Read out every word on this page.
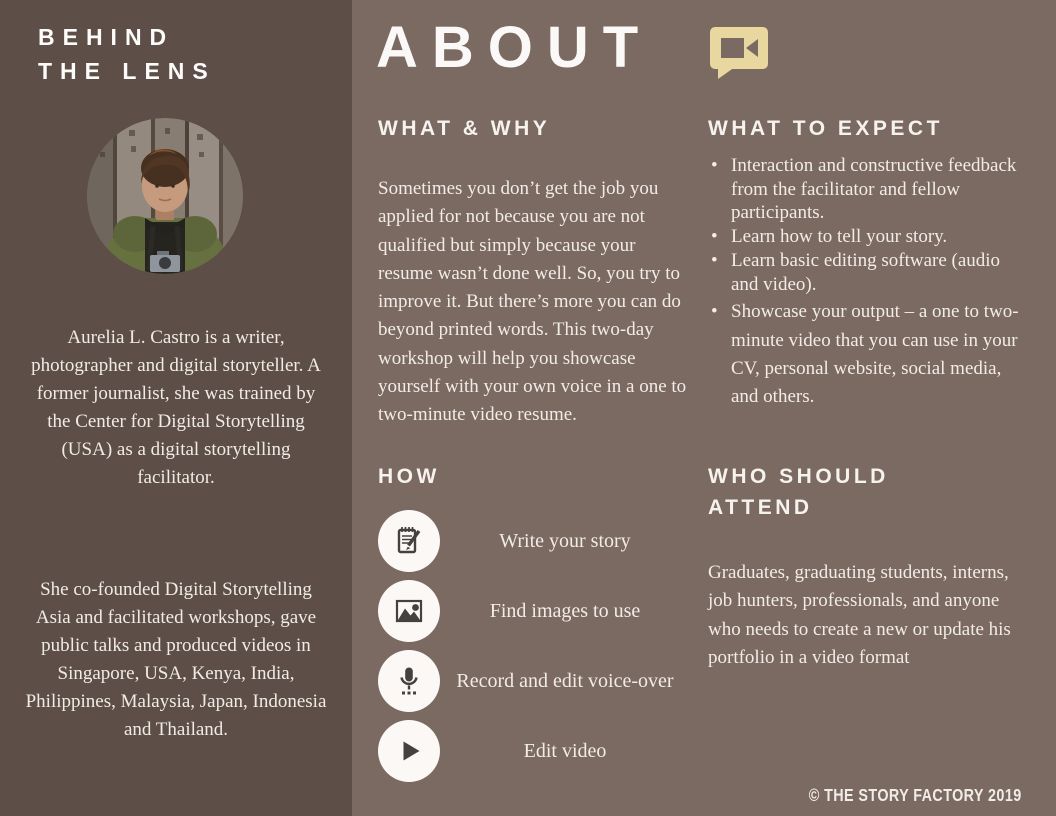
BEHIND
THE LENS

Aurelia L. Castro is a writer, photographer and digital storyteller. A former journalist, she was trained by the Center for Digital Storytelling (USA) as a digital storytelling facilitator.

She co-founded Digital Storytelling Asia and facilitated workshops, gave public talks and produced videos in Singapore, USA, Kenya, India, Philippines, Malaysia, Japan, Indonesia and Thailand.

ABOUT
WHAT & WHY

Sometimes you don’t get the job you applied for not because you are not qualified but simply because your resume wasn’t done well. So, you try to improve it. But there’s more you can do beyond printed words. This two-day workshop will help you showcase yourself with your own voice in a one to two-minute video resume.

HOW
Write your story
Find images to use
Record and edit voice-over
Edit video
WHAT TO EXPECT
• Interaction and constructive feedback from the facilitator and fellow participants.
• Learn how to tell your story.
• Learn basic editing software (audio and video).
• Showcase your output – a one to two-minute video that you can use in your CV, personal website, social media, and others.
WHO SHOULD ATTEND

Graduates, graduating students, interns, job hunters, professionals, and anyone who needs to create a new or update his portfolio in a video format

© THE STORY FACTORY 2019
